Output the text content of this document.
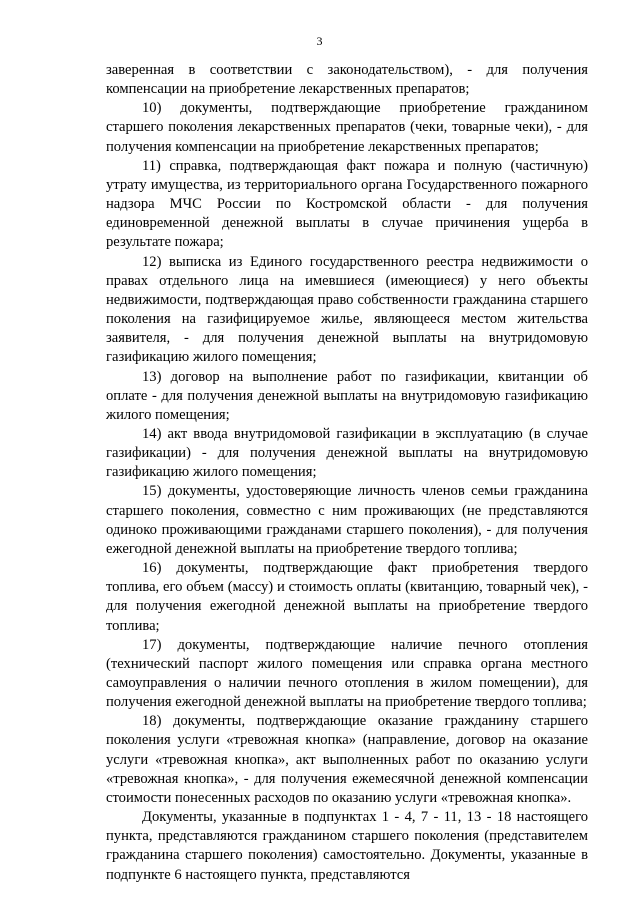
3

заверенная в соответствии с законодательством), - для получения компенсации на приобретение лекарственных препаратов;

10) документы, подтверждающие приобретение гражданином старшего поколения лекарственных препаратов (чеки, товарные чеки), - для получения компенсации на приобретение лекарственных препаратов;

11) справка, подтверждающая факт пожара и полную (частичную) утрату имущества, из территориального органа Государственного пожарного надзора МЧС России по Костромской области - для получения единовременной денежной выплаты в случае причинения ущерба в результате пожара;

12) выписка из Единого государственного реестра недвижимости о правах отдельного лица на имевшиеся (имеющиеся) у него объекты недвижимости, подтверждающая право собственности гражданина старшего поколения на газифицируемое жилье, являющееся местом жительства заявителя, - для получения денежной выплаты на внутридомовую газификацию жилого помещения;

13) договор на выполнение работ по газификации, квитанции об оплате - для получения денежной выплаты на внутридомовую газификацию жилого помещения;

14) акт ввода внутридомовой газификации в эксплуатацию (в случае газификации) - для получения денежной выплаты на внутридомовую газификацию жилого помещения;

15) документы, удостоверяющие личность членов семьи гражданина старшего поколения, совместно с ним проживающих (не представляются одиноко проживающими гражданами старшего поколения), - для получения ежегодной денежной выплаты на приобретение твердого топлива;

16) документы, подтверждающие факт приобретения твердого топлива, его объем (массу) и стоимость оплаты (квитанцию, товарный чек), - для получения ежегодной денежной выплаты на приобретение твердого топлива;

17) документы, подтверждающие наличие печного отопления (технический паспорт жилого помещения или справка органа местного самоуправления о наличии печного отопления в жилом помещении), для получения ежегодной денежной выплаты на приобретение твердого топлива;

18) документы, подтверждающие оказание гражданину старшего поколения услуги «тревожная кнопка» (направление, договор на оказание услуги «тревожная кнопка», акт выполненных работ по оказанию услуги «тревожная кнопка», - для получения ежемесячной денежной компенсации стоимости понесенных расходов по оказанию услуги «тревожная кнопка».

Документы, указанные в подпунктах 1 - 4, 7 - 11, 13 - 18 настоящего пункта, представляются гражданином старшего поколения (представителем гражданина старшего поколения) самостоятельно. Документы, указанные в подпункте 6 настоящего пункта, представляются
